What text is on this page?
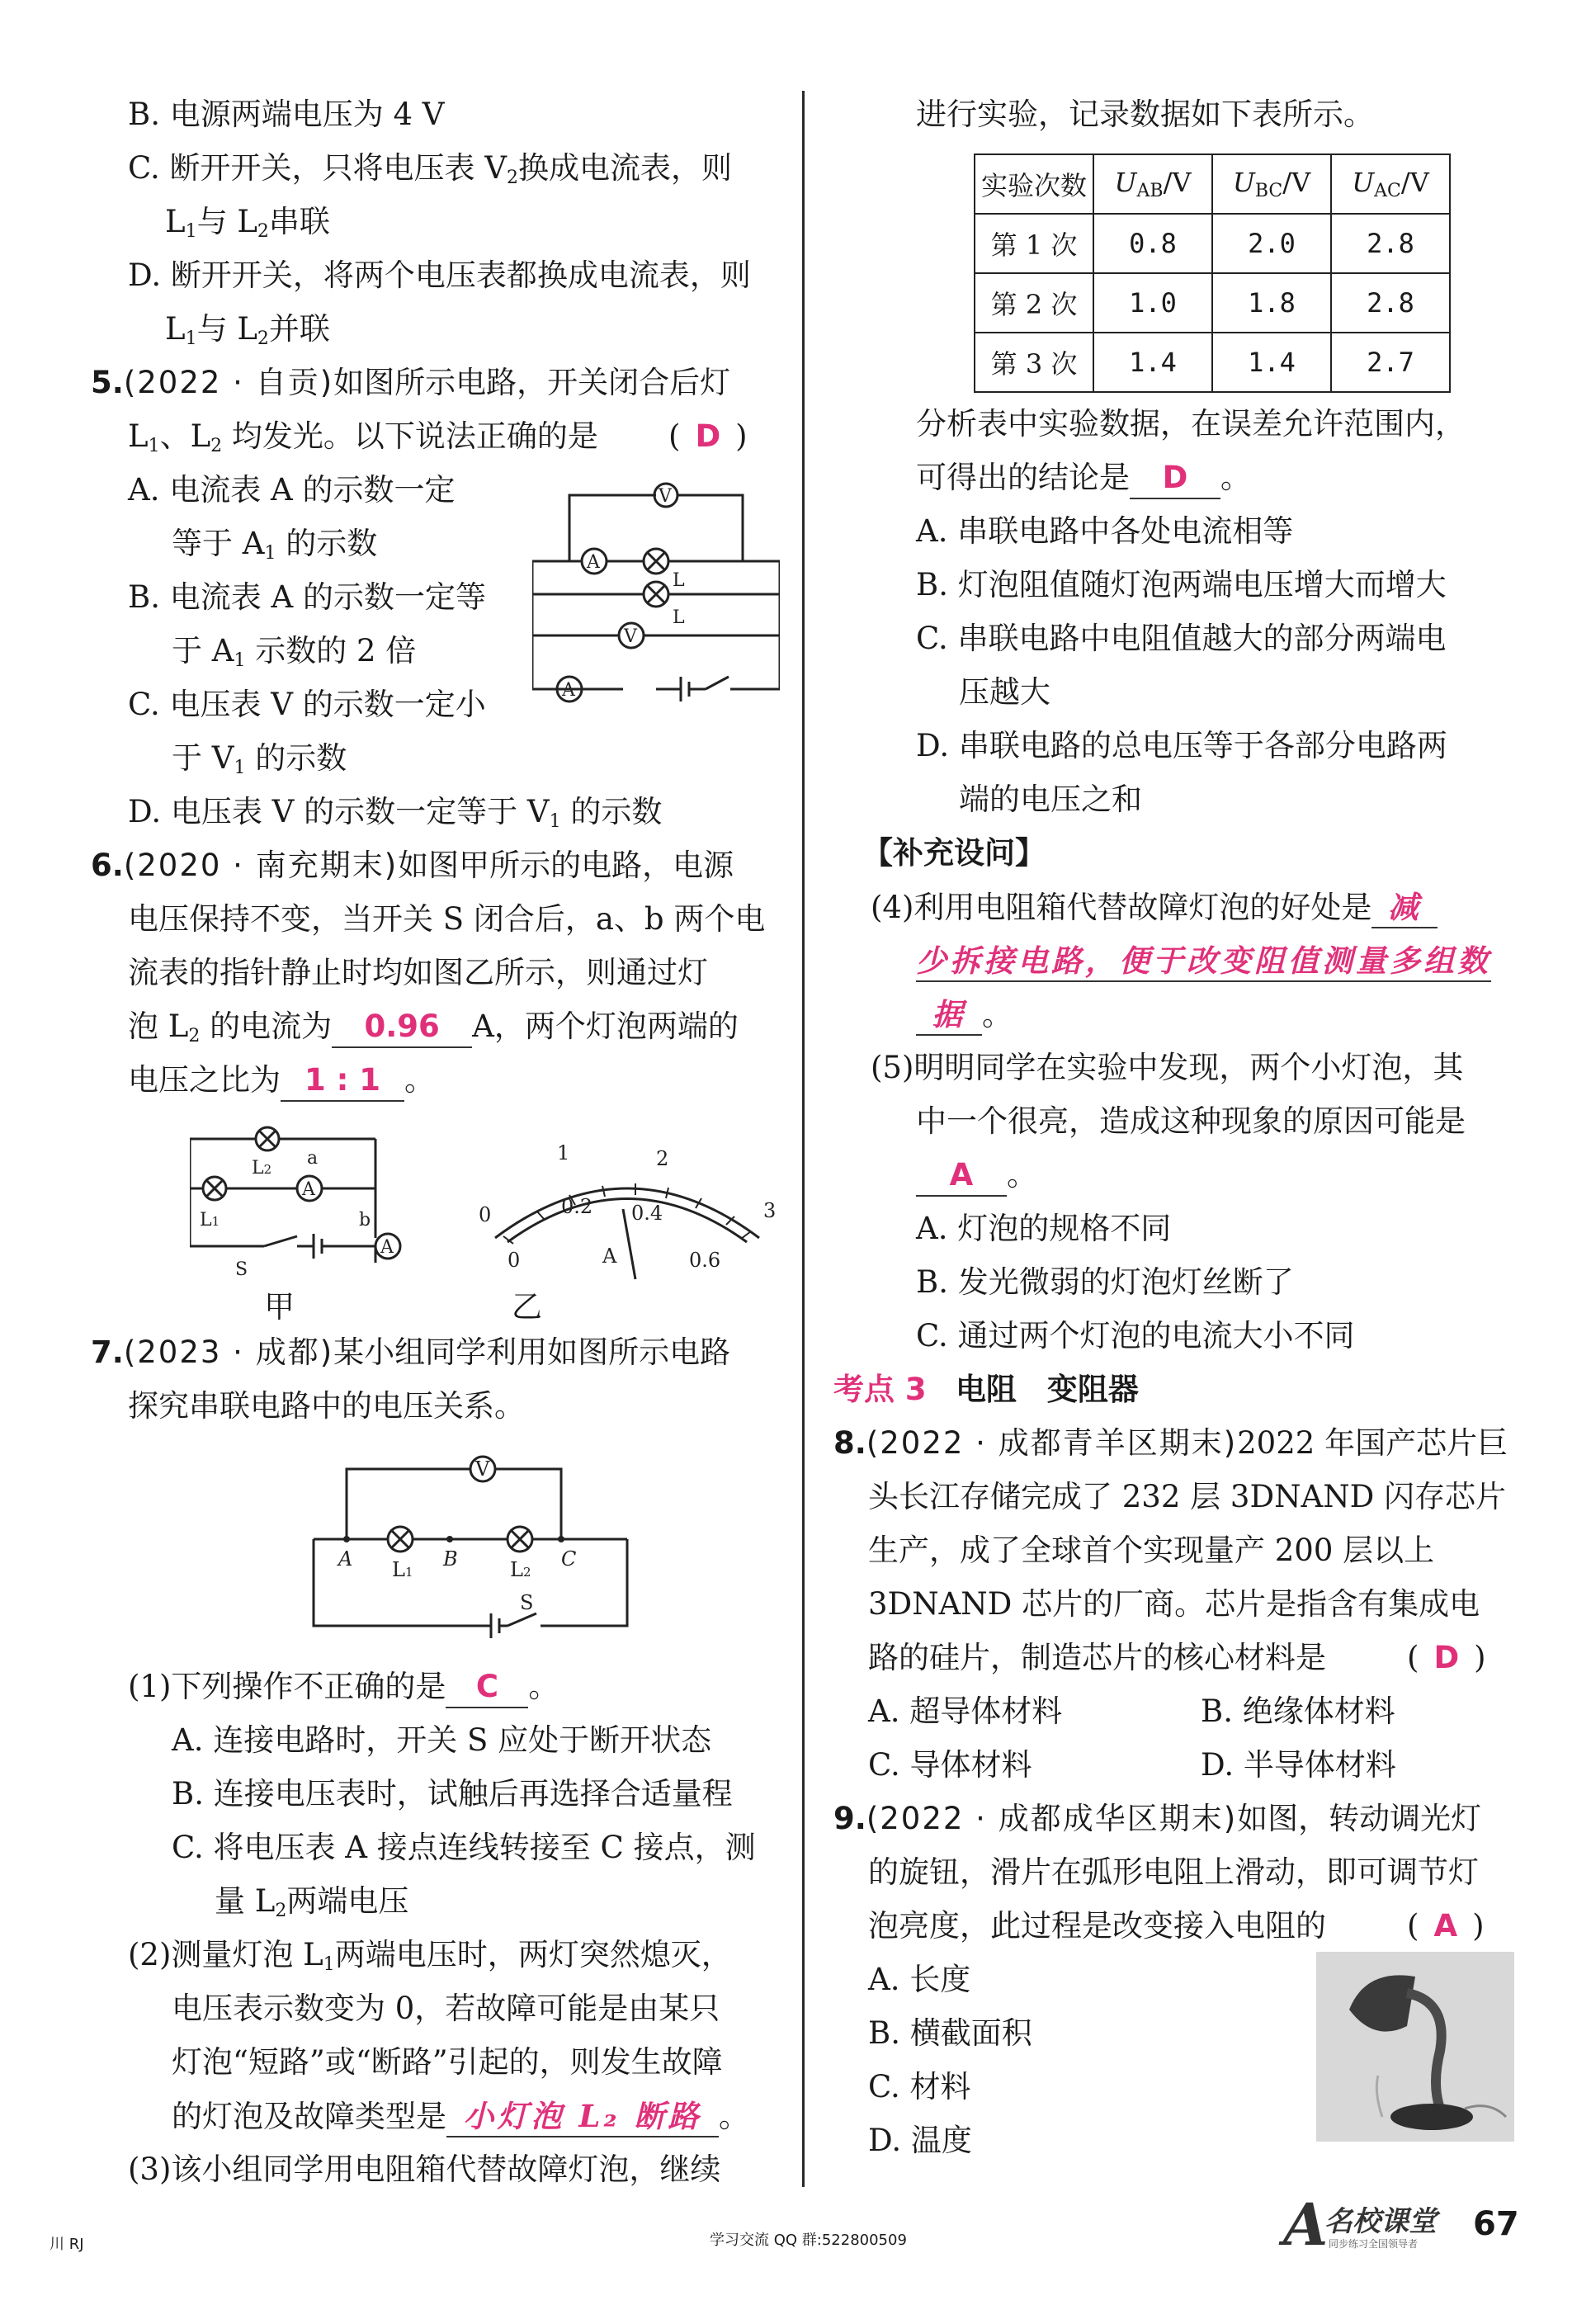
B. 电源两端电压为 4 V
C. 断开开关，只将电压表 $V_2$换成电流表，则
$L_1$与 $L_2$串联
D. 断开开关，将两个电压表都换成电流表，则
$L_1$与 $L_2$并联
5.(2022 · 自贡)如图所示电路，开关闭合后灯
$L_1$、$L_2$ 均发光。以下说法正确的是 ( D )
A. 电流表 A 的示数一定
等于 $A_1$ 的示数
B. 电流表 A 的示数一定等
于 $A_1$ 示数的 2 倍
C. 电压表 V 的示数一定小
于 $V_1$ 的示数
D. 电压表 V 的示数一定等于 $V_1$ 的示数
V
A
V
A
L
L
6.(2020 · 南充期末)如图甲所示的电路，电源
电压保持不变，当开关 S 闭合后，a、b 两个电
流表的指针静止时均如图乙所示，则通过灯
泡 $L_2$ 的电流为 0.96 A，两个灯泡两端的
电压之比为 1 : 1 。
A
A
L2
L1
a
b
S
甲
0
1	2
3
0
0.2 0.4
0.6
A
乙
7.(2023 · 成都)某小组同学利用如图所示电路
探究串联电路中的电压关系。
V
A	B	C
L1	L2
S
(1)下列操作不正确的是 C 。
A. 连接电路时，开关 S 应处于断开状态
B. 连接电压表时，试触后再选择合适量程
C. 将电压表 A 接点连线转接至 C 接点，测
量 $L_2$两端电压
(2)测量灯泡 $L_1$两端电压时，两灯突然熄灭，
电压表示数变为 0，若故障可能是由某只
灯泡“短路”或“断路”引起的，则发生故障
的灯泡及故障类型是 小灯泡 L₂ 断路 。
(3)该小组同学用电阻箱代替故障灯泡，继续
进行实验，记录数据如下表所示。
实验次数	$U_{AB}/V$	$U_{BC}/V$	$U_{AC}/V$
第 1 次	0.8	2.0	2.8
第 2 次	1.0	1.8	2.8
第 3 次	1.4	1.4	2.7
分析表中实验数据，在误差允许范围内，
可得出的结论是 D 。
A. 串联电路中各处电流相等
B. 灯泡阻值随灯泡两端电压增大而增大
C. 串联电路中电阻值越大的部分两端电
压越大
D. 串联电路的总电压等于各部分电路两
端的电压之和
【补充设问】
(4)利用电阻箱代替故障灯泡的好处是 减
少拆接电路，便于改变阻值测量多组数
据 。
(5)明明同学在实验中发现，两个小灯泡，其
中一个很亮，造成这种现象的原因可能是
A 。
A. 灯泡的规格不同
B. 发光微弱的灯泡灯丝断了
C. 通过两个灯泡的电流大小不同
考点 3 电阻　变阻器
8.(2022 · 成都青羊区期末)2022 年国产芯片巨
头长江存储完成了 232 层 3DNAND 闪存芯片
生产，成了全球首个实现量产 200 层以上
3DNAND 芯片的厂商。芯片是指含有集成电
路的硅片，制造芯片的核心材料是	( D )
A. 超导体材料	B. 绝缘体材料
C. 导体材料	D. 半导体材料
9.(2022 · 成都成华区期末)如图，转动调光灯
的旋钮，滑片在弧形电阻上滑动，即可调节灯
泡亮度，此过程是改变接入电阻的	( A )
A. 长度
B. 横截面积
C. 材料
D. 温度
川 RJ	学习交流 QQ 群:522800509	A
名校课堂
同步练习全国领导者
67
